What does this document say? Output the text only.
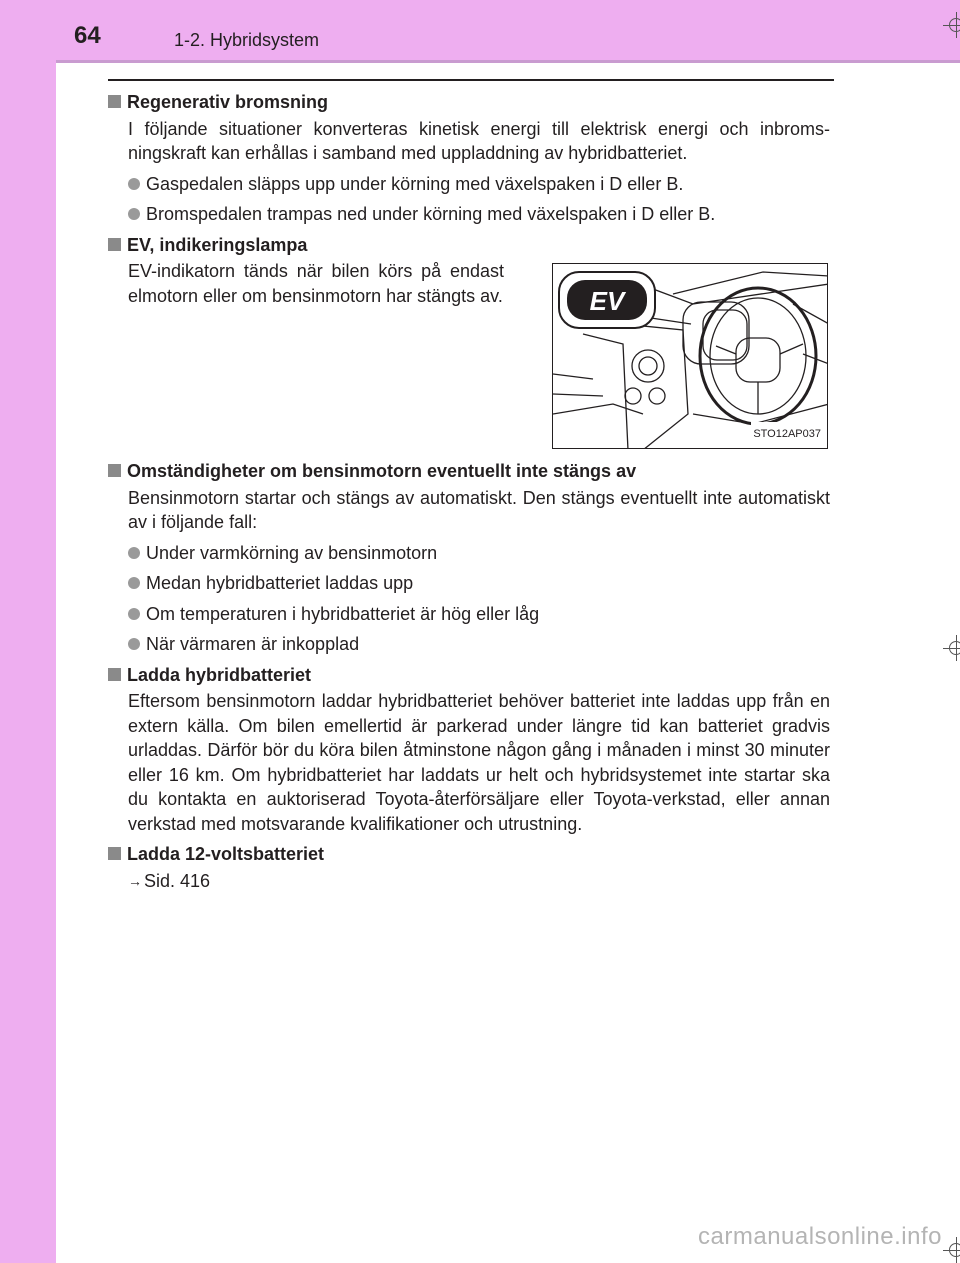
64	1-2. Hybridsystem
Regenerativ bromsning

I följande situationer konverteras kinetisk energi till elektrisk energi och inbroms-ningskraft kan erhållas i samband med uppladdning av hybridbatteriet.

Gaspedalen släpps upp under körning med växelspaken i D eller B.
Bromspedalen trampas ned under körning med växelspaken i D eller B.
EV, indikeringslampa

EV-indikatorn tänds när bilen körs på endast elmotorn eller om bensinmotorn har stängts av.	EV
STO12AP037
Omständigheter om bensinmotorn eventuellt inte stängs av

Bensinmotorn startar och stängs av automatiskt. Den stängs eventuellt inte automatiskt av i följande fall:

Under varmkörning av bensinmotorn
Medan hybridbatteriet laddas upp
Om temperaturen i hybridbatteriet är hög eller låg
När värmaren är inkopplad
Ladda hybridbatteriet

Eftersom bensinmotorn laddar hybridbatteriet behöver batteriet inte laddas upp från en extern källa. Om bilen emellertid är parkerad under längre tid kan batteriet gradvis urladdas. Därför bör du köra bilen åtminstone någon gång i månaden i minst 30 minuter eller 16 km. Om hybridbatteriet har laddats ur helt och hybridsystemet inte startar ska du kontakta en auktoriserad Toyota-återförsäljare eller Toyota-verkstad, eller annan verkstad med motsvarande kvalifikationer och utrustning.

Ladda 12-voltsbatteriet
→ Sid. 416
carmanualsonline.info
